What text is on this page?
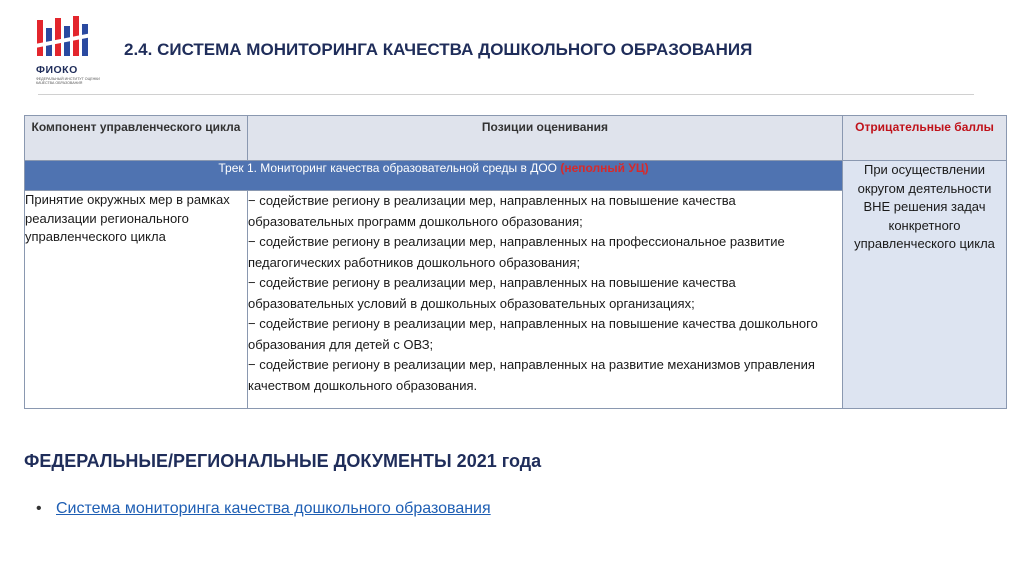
ФИОКО
ФЕДЕРАЛЬНЫЙ ИНСТИТУТ ОЦЕНКИ КАЧЕСТВА ОБРАЗОВАНИЯ
2.4. СИСТЕМА МОНИТОРИНГА КАЧЕСТВА ДОШКОЛЬНОГО ОБРАЗОВАНИЯ
Компонент управленческого цикла	Позиции оценивания	Отрицательные баллы

Трек 1. Мониторинг качества образовательной среды в ДОО (неполный УЦ)		При осуществлении округом деятельности ВНЕ решения задач конкретного управленческого цикла

Принятие окружных мер в рамках реализации регионального управленческого цикла	− содействие региону в реализации мер, направленных на повышение качества образовательных программ дошкольного образования;
− содействие региону в реализации мер, направленных на профессиональное развитие педагогических работников дошкольного образования;
− содействие региону в реализации мер, направленных на повышение качества образовательных условий в дошкольных образовательных организациях;
− содействие региону в реализации мер, направленных на повышение качества дошкольного образования для детей с ОВЗ;
− содействие региону в реализации мер, направленных на развитие механизмов управления качеством дошкольного образования.	
ФЕДЕРАЛЬНЫЕ/РЕГИОНАЛЬНЫЕ ДОКУМЕНТЫ 2021 года
• Система мониторинга качества дошкольного образования
